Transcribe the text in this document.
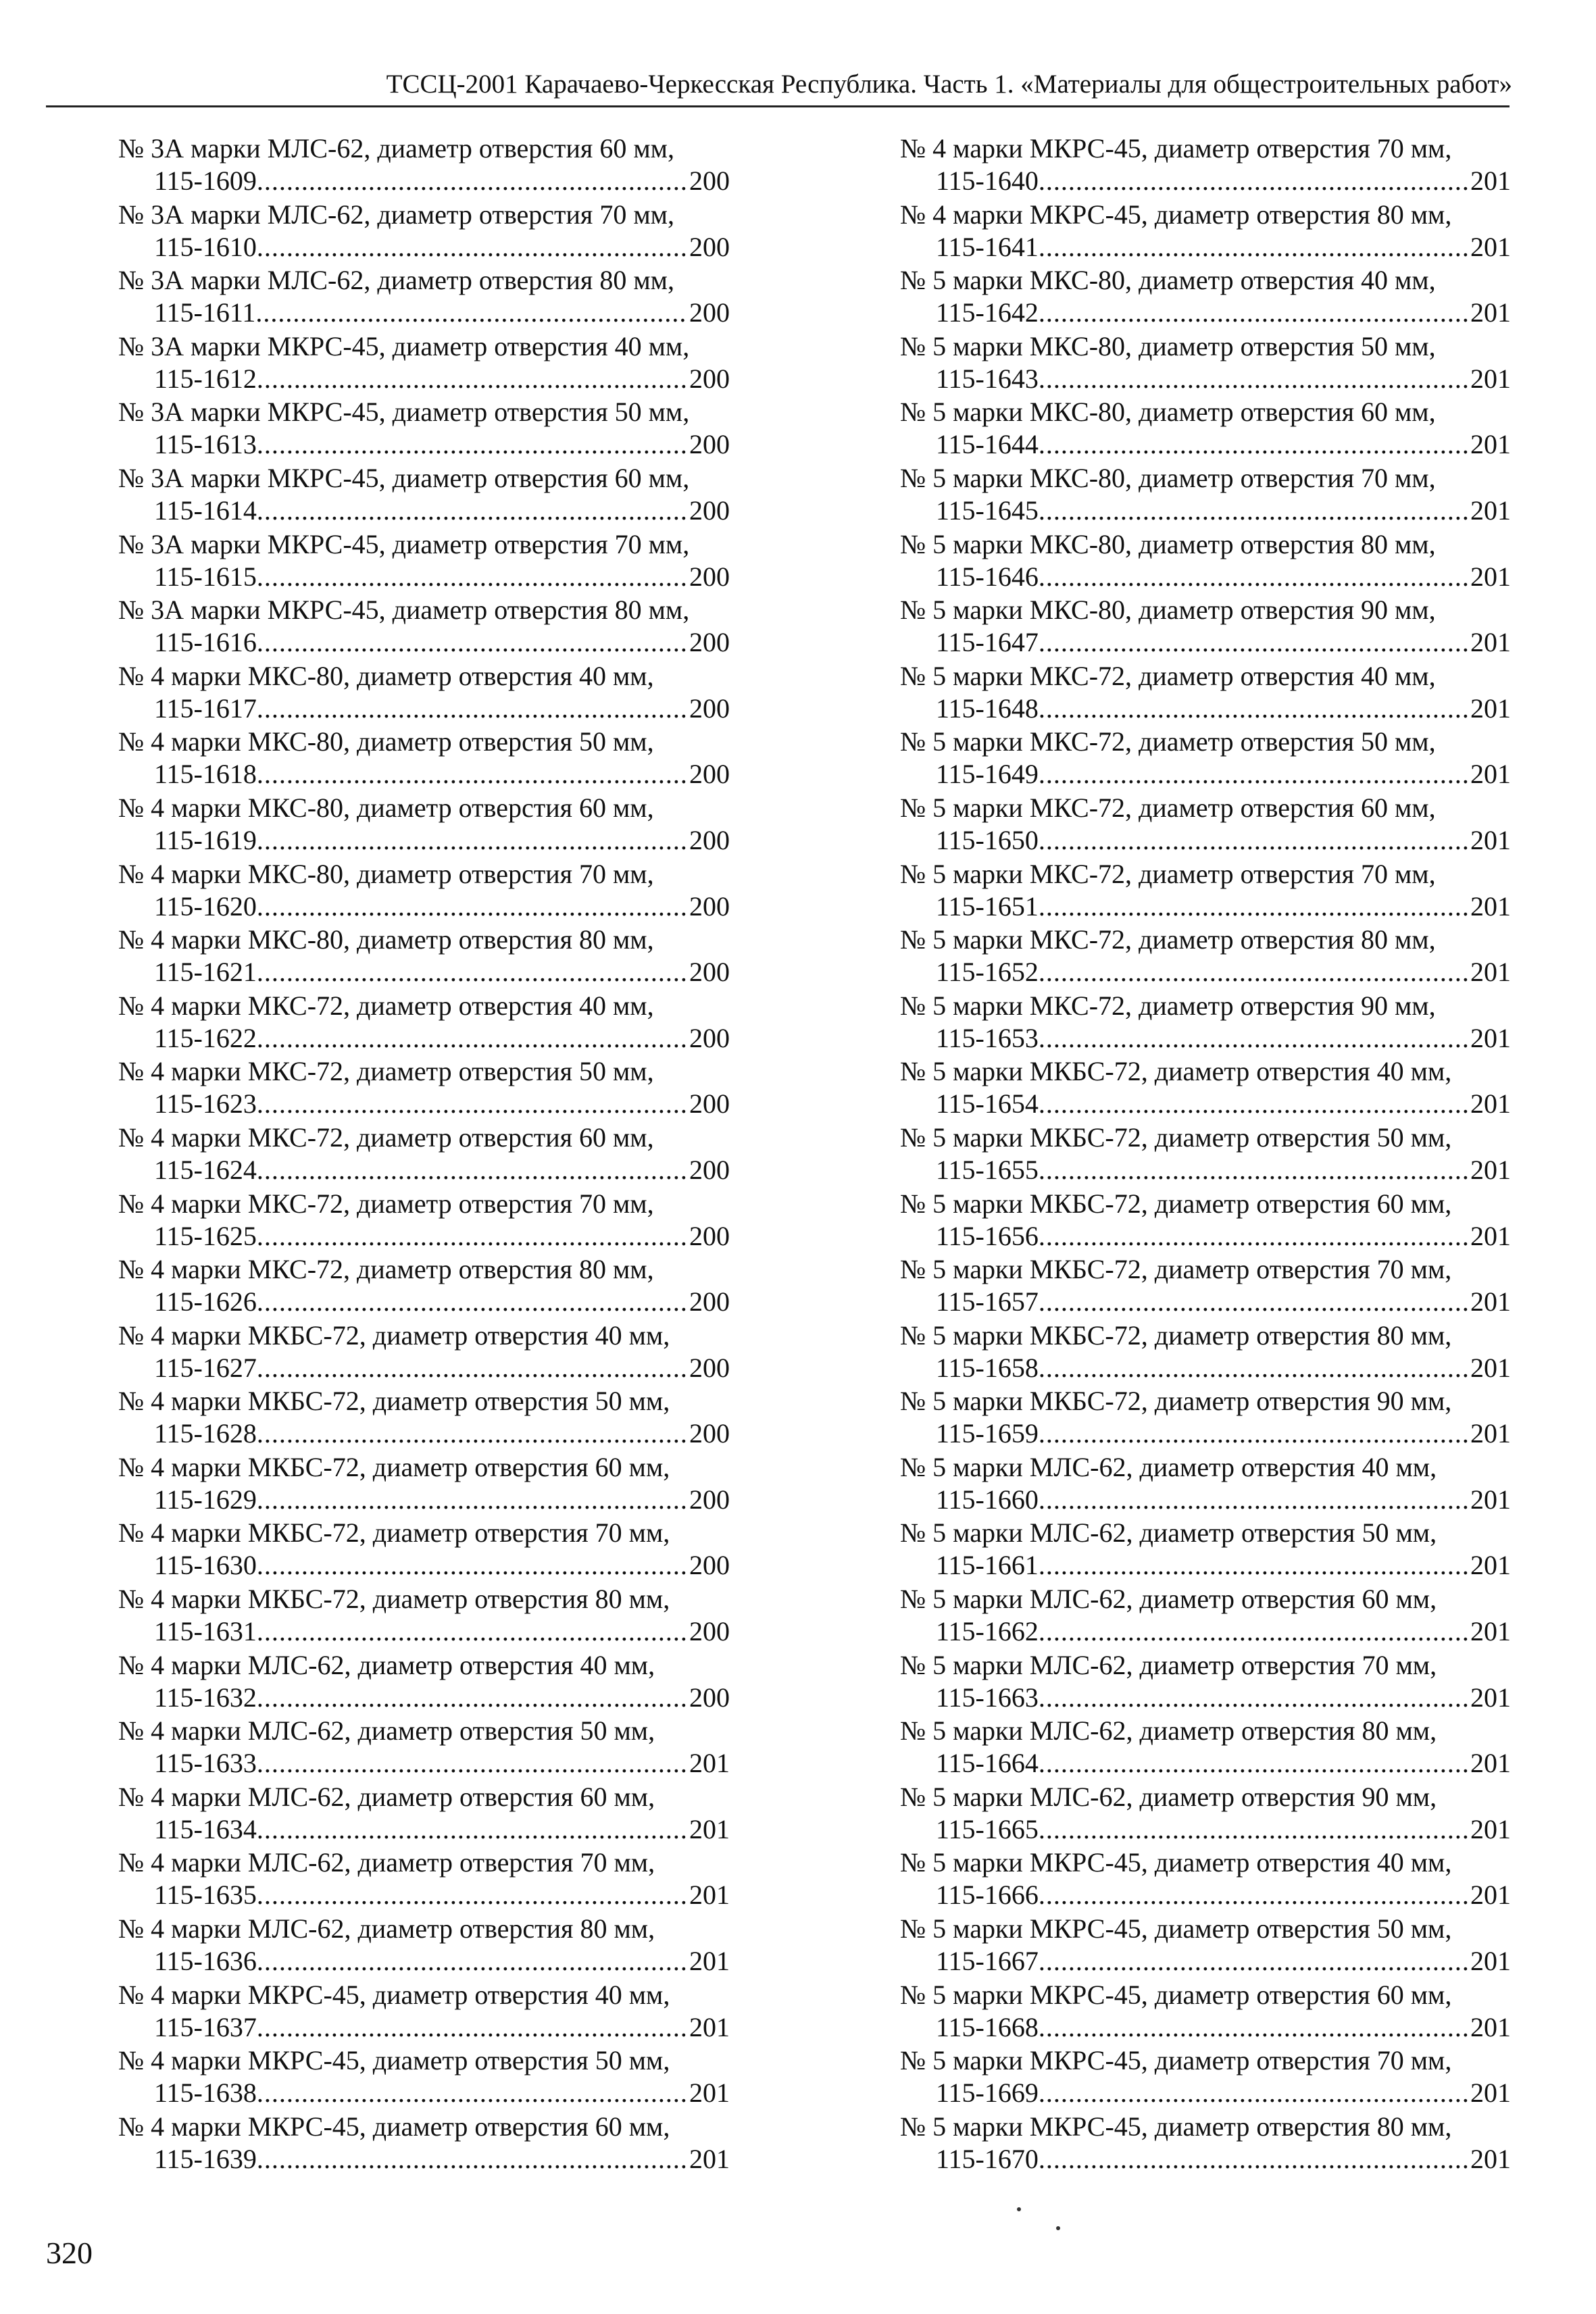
ТССЦ-2001 Карачаево-Черкесская Республика. Часть 1. «Материалы для общестроительных работ»
№ 3А марки МЛС-62, диаметр отверстия 60 мм,
115-1609 .....	200
№ 3А марки МЛС-62, диаметр отверстия 70 мм,
115-1610 .....	200
№ 3А марки МЛС-62, диаметр отверстия 80 мм,
115-1611 .....	200
№ 3А марки МКРС-45, диаметр отверстия 40 мм,
115-1612 .....	200
№ 3А марки МКРС-45, диаметр отверстия 50 мм,
115-1613 .....	200
№ 3А марки МКРС-45, диаметр отверстия 60 мм,
115-1614 .....	200
№ 3А марки МКРС-45, диаметр отверстия 70 мм,
115-1615 .....	200
№ 3А марки МКРС-45, диаметр отверстия 80 мм,
115-1616 .....	200
№ 4 марки МКС-80, диаметр отверстия 40 мм,
115-1617 .....	200
№ 4 марки МКС-80, диаметр отверстия 50 мм,
115-1618 .....	200
№ 4 марки МКС-80, диаметр отверстия 60 мм,
115-1619 .....	200
№ 4 марки МКС-80, диаметр отверстия 70 мм,
115-1620 .....	200
№ 4 марки МКС-80, диаметр отверстия 80 мм,
115-1621 .....	200
№ 4 марки МКС-72, диаметр отверстия 40 мм,
115-1622 .....	200
№ 4 марки МКС-72, диаметр отверстия 50 мм,
115-1623 .....	200
№ 4 марки МКС-72, диаметр отверстия 60 мм,
115-1624 .....	200
№ 4 марки МКС-72, диаметр отверстия 70 мм,
115-1625 .....	200
№ 4 марки МКС-72, диаметр отверстия 80 мм,
115-1626 .....	200
№ 4 марки МКБС-72, диаметр отверстия 40 мм,
115-1627 .....	200
№ 4 марки МКБС-72, диаметр отверстия 50 мм,
115-1628 .....	200
№ 4 марки МКБС-72, диаметр отверстия 60 мм,
115-1629 .....	200
№ 4 марки МКБС-72, диаметр отверстия 70 мм,
115-1630 .....	200
№ 4 марки МКБС-72, диаметр отверстия 80 мм,
115-1631 .....	200
№ 4 марки МЛС-62, диаметр отверстия 40 мм,
115-1632 .....	200
№ 4 марки МЛС-62, диаметр отверстия 50 мм,
115-1633 .....	201
№ 4 марки МЛС-62, диаметр отверстия 60 мм,
115-1634 .....	201
№ 4 марки МЛС-62, диаметр отверстия 70 мм,
115-1635 .....	201
№ 4 марки МЛС-62, диаметр отверстия 80 мм,
115-1636 .....	201
№ 4 марки МКРС-45, диаметр отверстия 40 мм,
115-1637 .....	201
№ 4 марки МКРС-45, диаметр отверстия 50 мм,
115-1638 .....	201
№ 4 марки МКРС-45, диаметр отверстия 60 мм,
115-1639 .....	201
№ 4 марки МКРС-45, диаметр отверстия 70 мм,
115-1640 .....	201
№ 4 марки МКРС-45, диаметр отверстия 80 мм,
115-1641 .....	201
№ 5 марки МКС-80, диаметр отверстия 40 мм,
115-1642 .....	201
№ 5 марки МКС-80, диаметр отверстия 50 мм,
115-1643 .....	201
№ 5 марки МКС-80, диаметр отверстия 60 мм,
115-1644 .....	201
№ 5 марки МКС-80, диаметр отверстия 70 мм,
115-1645 .....	201
№ 5 марки МКС-80, диаметр отверстия 80 мм,
115-1646 .....	201
№ 5 марки МКС-80, диаметр отверстия 90 мм,
115-1647 .....	201
№ 5 марки МКС-72, диаметр отверстия 40 мм,
115-1648 .....	201
№ 5 марки МКС-72, диаметр отверстия 50 мм,
115-1649 .....	201
№ 5 марки МКС-72, диаметр отверстия 60 мм,
115-1650 .....	201
№ 5 марки МКС-72, диаметр отверстия 70 мм,
115-1651 .....	201
№ 5 марки МКС-72, диаметр отверстия 80 мм,
115-1652 .....	201
№ 5 марки МКС-72, диаметр отверстия 90 мм,
115-1653 .....	201
№ 5 марки МКБС-72, диаметр отверстия 40 мм,
115-1654 .....	201
№ 5 марки МКБС-72, диаметр отверстия 50 мм,
115-1655 .....	201
№ 5 марки МКБС-72, диаметр отверстия 60 мм,
115-1656 .....	201
№ 5 марки МКБС-72, диаметр отверстия 70 мм,
115-1657 .....	201
№ 5 марки МКБС-72, диаметр отверстия 80 мм,
115-1658 .....	201
№ 5 марки МКБС-72, диаметр отверстия 90 мм,
115-1659 .....	201
№ 5 марки МЛС-62, диаметр отверстия 40 мм,
115-1660 .....	201
№ 5 марки МЛС-62, диаметр отверстия 50 мм,
115-1661 .....	201
№ 5 марки МЛС-62, диаметр отверстия 60 мм,
115-1662 .....	201
№ 5 марки МЛС-62, диаметр отверстия 70 мм,
115-1663 .....	201
№ 5 марки МЛС-62, диаметр отверстия 80 мм,
115-1664 .....	201
№ 5 марки МЛС-62, диаметр отверстия 90 мм,
115-1665 .....	201
№ 5 марки МКРС-45, диаметр отверстия 40 мм,
115-1666 .....	201
№ 5 марки МКРС-45, диаметр отверстия 50 мм,
115-1667 .....	201
№ 5 марки МКРС-45, диаметр отверстия 60 мм,
115-1668 .....	201
№ 5 марки МКРС-45, диаметр отверстия 70 мм,
115-1669 .....	201
№ 5 марки МКРС-45, диаметр отверстия 80 мм,
115-1670 .....	201
320
